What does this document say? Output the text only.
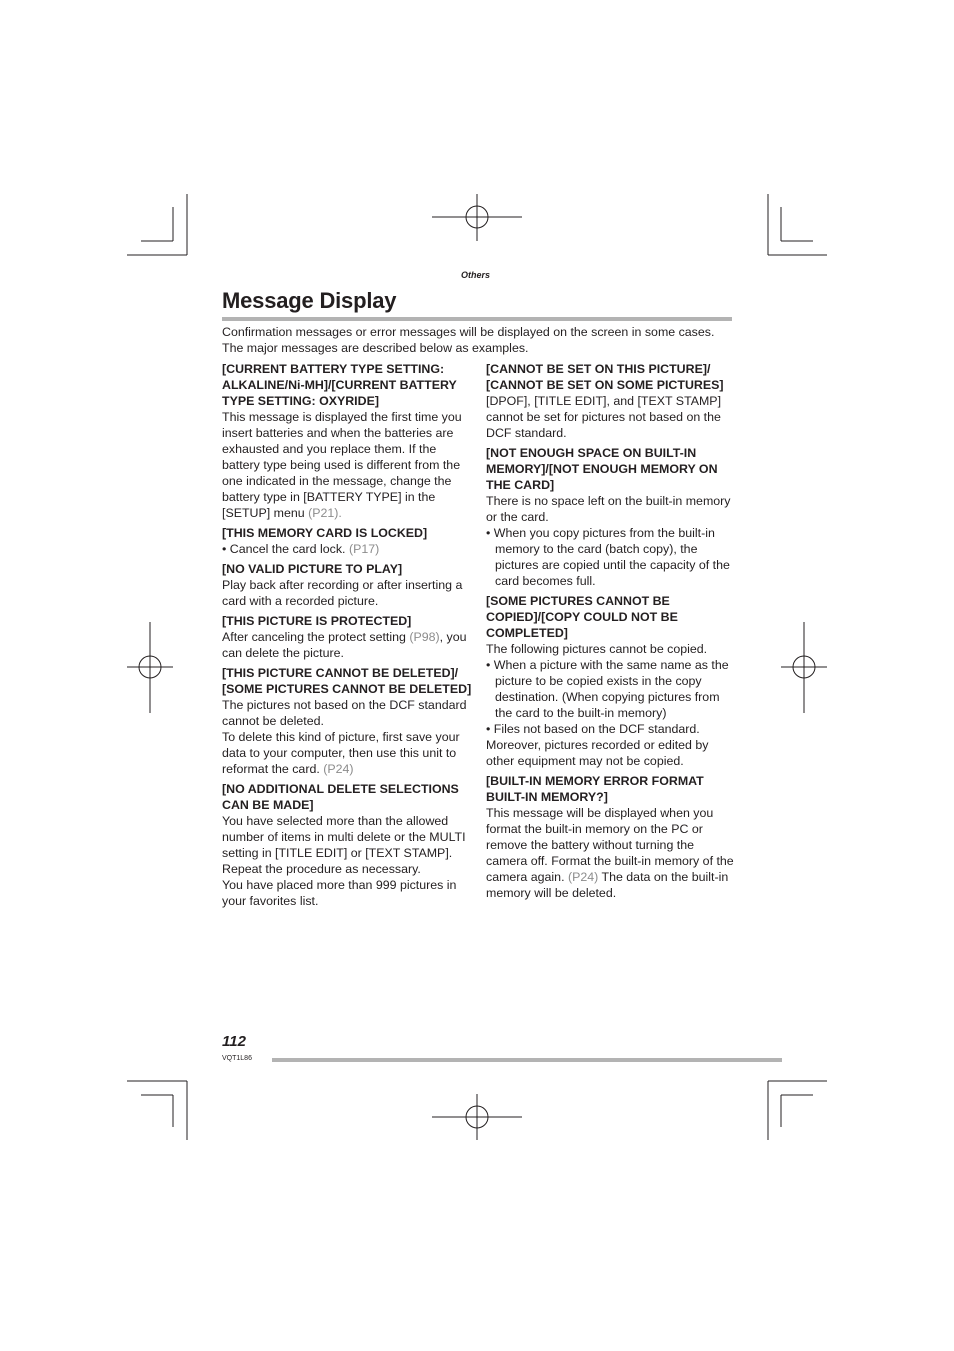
Others
Message Display

Confirmation messages or error messages will be displayed on the screen in some cases. The major messages are described below as examples.

[CURRENT BATTERY TYPE SETTING: ALKALINE/Ni-MH]/[CURRENT BATTERY TYPE SETTING: OXYRIDE]

This message is displayed the first time you insert batteries and when the batteries are exhausted and you replace them. If the battery type being used is different from the one indicated in the message, change the battery type in [BATTERY TYPE] in the [SETUP] menu (P21).

[THIS MEMORY CARD IS LOCKED]

• Cancel the card lock. (P17)

[NO VALID PICTURE TO PLAY]

Play back after recording or after inserting a card with a recorded picture.

[THIS PICTURE IS PROTECTED]

After canceling the protect setting (P98), you can delete the picture.

[THIS PICTURE CANNOT BE DELETED]/ [SOME PICTURES CANNOT BE DELETED]

The pictures not based on the DCF standard cannot be deleted.

To delete this kind of picture, first save your data to your computer, then use this unit to reformat the card. (P24)

[NO ADDITIONAL DELETE SELECTIONS CAN BE MADE]

You have selected more than the allowed number of items in multi delete or the MULTI setting in [TITLE EDIT] or [TEXT STAMP]. Repeat the procedure as necessary.

You have placed more than 999 pictures in your favorites list.

[CANNOT BE SET ON THIS PICTURE]/ [CANNOT BE SET ON SOME PICTURES]

[DPOF], [TITLE EDIT], and [TEXT STAMP] cannot be set for pictures not based on the DCF standard.

[NOT ENOUGH SPACE ON BUILT-IN MEMORY]/[NOT ENOUGH MEMORY ON THE CARD]

There is no space left on the built-in memory or the card.

• When you copy pictures from the built-in memory to the card (batch copy), the pictures are copied until the capacity of the card becomes full.

[SOME PICTURES CANNOT BE COPIED]/[COPY COULD NOT BE COMPLETED]

The following pictures cannot be copied.

• When a picture with the same name as the picture to be copied exists in the copy destination. (When copying pictures from the card to the built-in memory)

• Files not based on the DCF standard.

Moreover, pictures recorded or edited by other equipment may not be copied.

[BUILT-IN MEMORY ERROR FORMAT BUILT-IN MEMORY?]

This message will be displayed when you format the built-in memory on the PC or remove the battery without turning the camera off. Format the built-in memory of the camera again. (P24) The data on the built-in memory will be deleted.

112
VQT1L86
